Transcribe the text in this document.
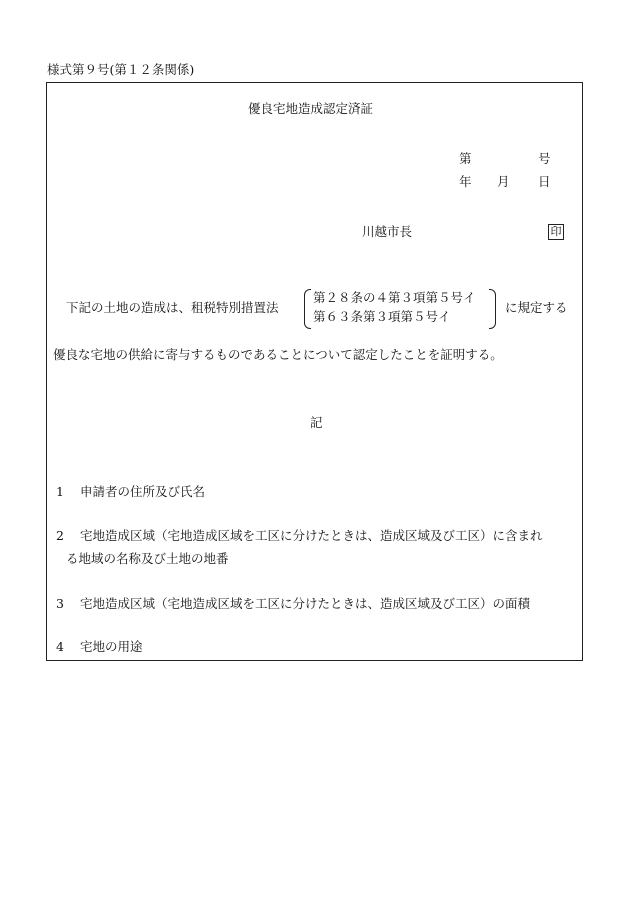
様式第９号(第１２条関係)
優良宅地造成認定済証
第	号
年 月 日
川越市長	印
下記の土地の造成は、租税特別措置法
第２８条の４第３項第５号イ
第６３条第３項第５号イ
に規定する
優良な宅地の供給に寄与するものであることについて認定したことを証明する。
記
1 申請者の住所及び氏名
2 宅地造成区域（宅地造成区域を工区に分けたときは、造成区域及び工区）に含まれ
る地域の名称及び土地の地番
3 宅地造成区域（宅地造成区域を工区に分けたときは、造成区域及び工区）の面積
4 宅地の用途
